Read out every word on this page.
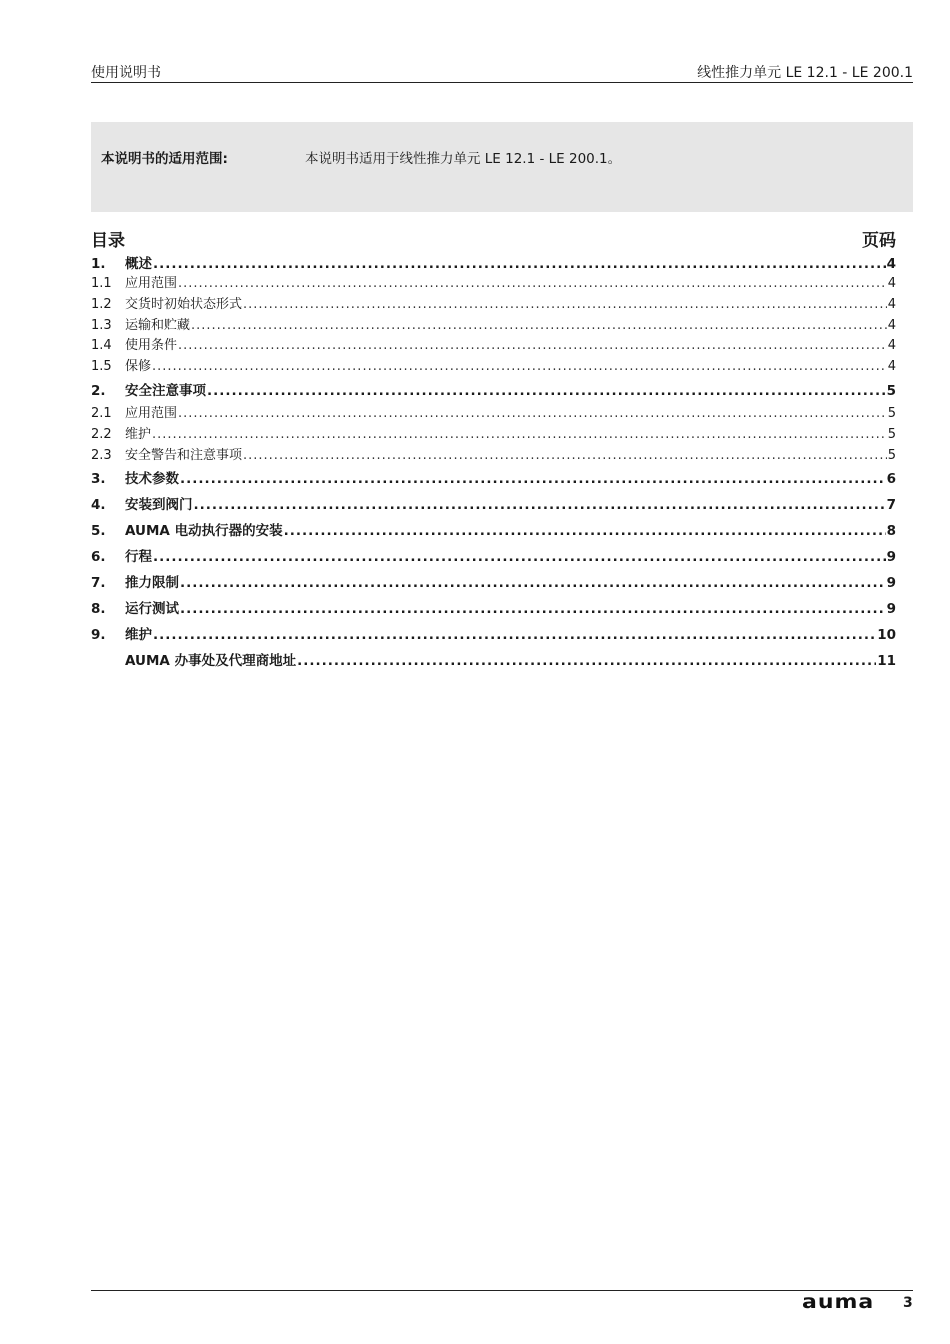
使用说明书	线性推力单元 LE 12.1 - LE 200.1
本说明书的适用范围:	本说明书适用于线性推力单元 LE 12.1 - LE 200.1。
目录	页码
1.	概述 .....	4
1.1	应用范围 .....	4
1.2	交货时初始状态形式 .....	4
1.3	运输和贮藏 .....	4
1.4	使用条件 .....	4
1.5	保修 .....	4
2.	安全注意事项 .....	5
2.1	应用范围 .....	5
2.2	维护 .....	5
2.3	安全警告和注意事项 .....	5
3.	技术参数 .....	6
4.	安装到阀门 .....	7
5.	AUMA 电动执行器的安装 .....	8
6.	行程 .....	9
7.	推力限制 .....	9
8.	运行测试 .....	9
9.	维护 .....	10
AUMA 办事处及代理商地址 .....	11
auma 3
